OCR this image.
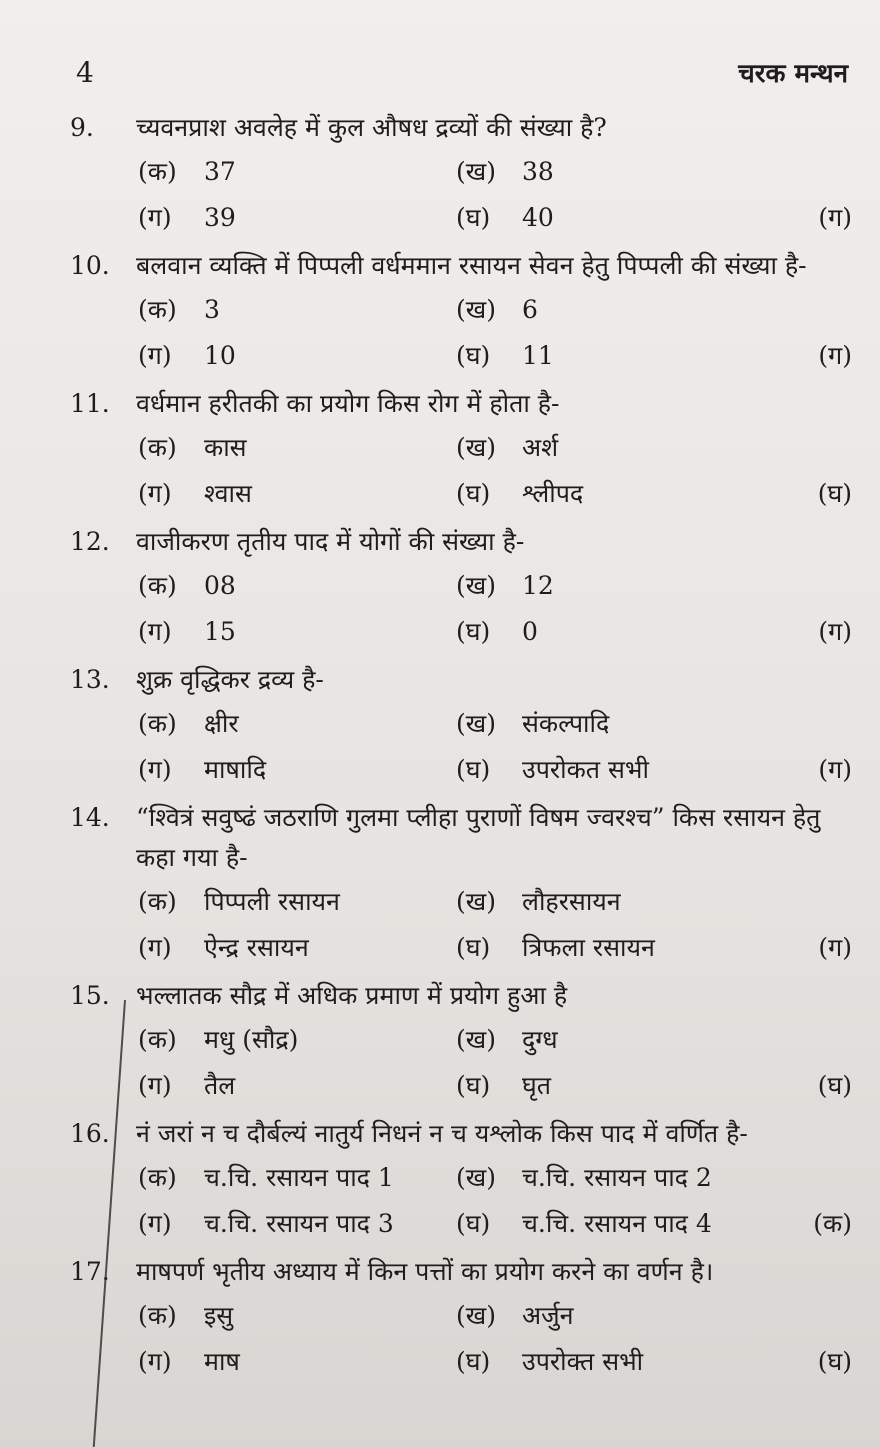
4	चरक मन्थन
9.	च्यवनप्राश अवलेह में कुल औषध द्रव्यों की संख्या है?
(क)	37	(ख)	38
(ग)	39	(घ)	40	(ग)
10.	बलवान व्यक्ति में पिप्पली वर्धममान रसायन सेवन हेतु पिप्पली की संख्या है-
(क)	3	(ख)	6
(ग)	10	(घ)	11	(ग)
11.	वर्धमान हरीतकी का प्रयोग किस रोग में होता है-
(क)	कास	(ख)	अर्श
(ग)	श्वास	(घ)	श्लीपद	(घ)
12.	वाजीकरण तृतीय पाद में योगों की संख्या है-
(क)	08	(ख)	12
(ग)	15	(घ)	0	(ग)
13.	शुक्र वृद्धिकर द्रव्य है-
(क)	क्षीर	(ख)	संकल्पादि
(ग)	माषादि	(घ)	उपरोकत सभी	(ग)
14.	“श्वित्रं सवुष्ढं जठराणि गुलमा प्लीहा पुराणों विषम ज्वरश्च” किस रसायन हेतु कहा गया है-
(क)	पिप्पली रसायन	(ख)	लौहरसायन
(ग)	ऐन्द्र रसायन	(घ)	त्रिफला रसायन	(ग)
15.	भल्लातक सौद्र में अधिक प्रमाण में प्रयोग हुआ है
(क)	मधु (सौद्र)	(ख)	दुग्ध
(ग)	तैल	(घ)	घृत	(घ)
16.	नं जरां न च दौर्बल्यं नातुर्य निधनं न च यश्लोक किस पाद में वर्णित है-
(क)	च.चि. रसायन पाद 1 (ख)	च.चि. रसायन पाद 2
(ग)	च.चि. रसायन पाद 3 (घ)	च.चि. रसायन पाद 4	(क)
17.	माषपर्ण भृतीय अध्याय में किन पत्तों का प्रयोग करने का वर्णन है।
(क)	इसु	(ख)	अर्जुन
(ग)	माष	(घ)	उपरोक्त सभी	(घ)
